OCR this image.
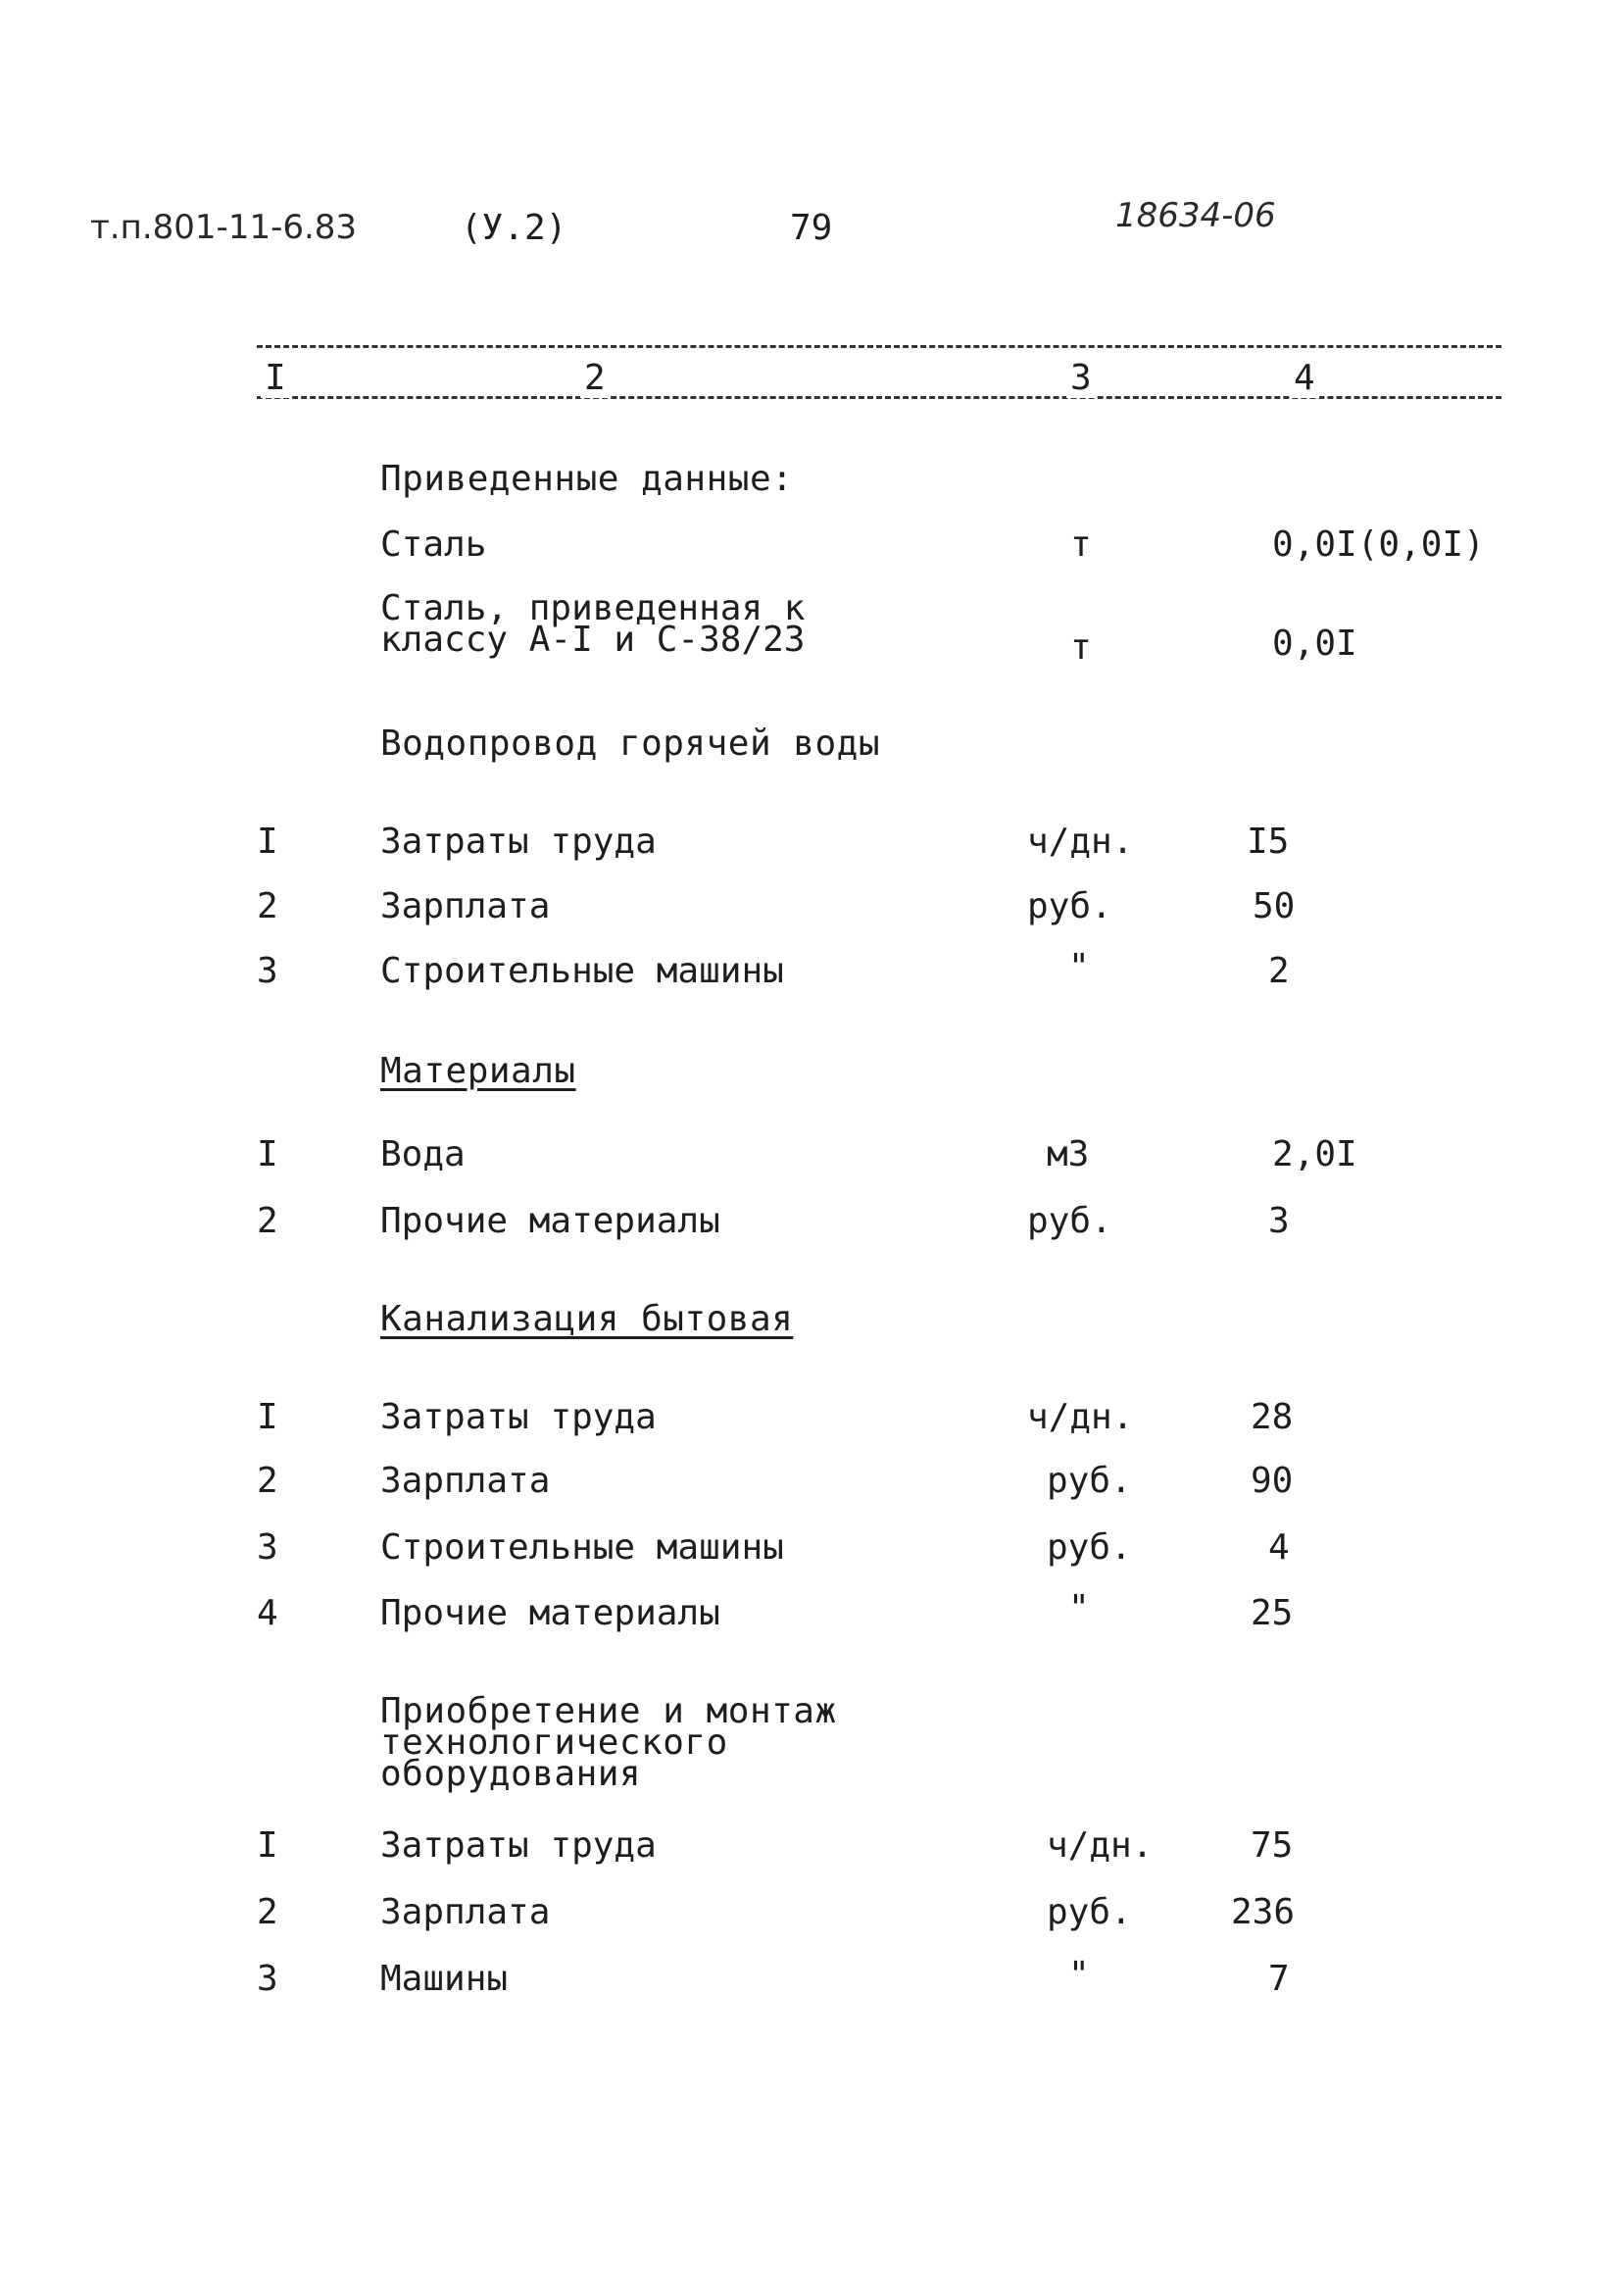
т.п.801-11-6.83	(У.2)	79	18634-06
I	2	3	4
Приведенные данные:
Сталь	т	0,0I(0,0I)
Сталь, приведенная к
классу А-I и С-38/23	т	0,0I
Водопровод горячей воды
I	Затраты труда	ч/дн.	I5
2	Зарплата	руб.	50
3	Строительные машины	"	2
Материалы
I	Вода	м3	2,0I
2	Прочие материалы	руб.	3
Канализация бытовая
I	Затраты труда	ч/дн.	28
2	Зарплата	руб.	90
3	Строительные машины	руб.	4
4	Прочие материалы	"	25
Приобретение и монтаж
технологического
оборудования
I	Затраты труда	ч/дн.	75
2	Зарплата	руб.	236
3	Машины	"	7
